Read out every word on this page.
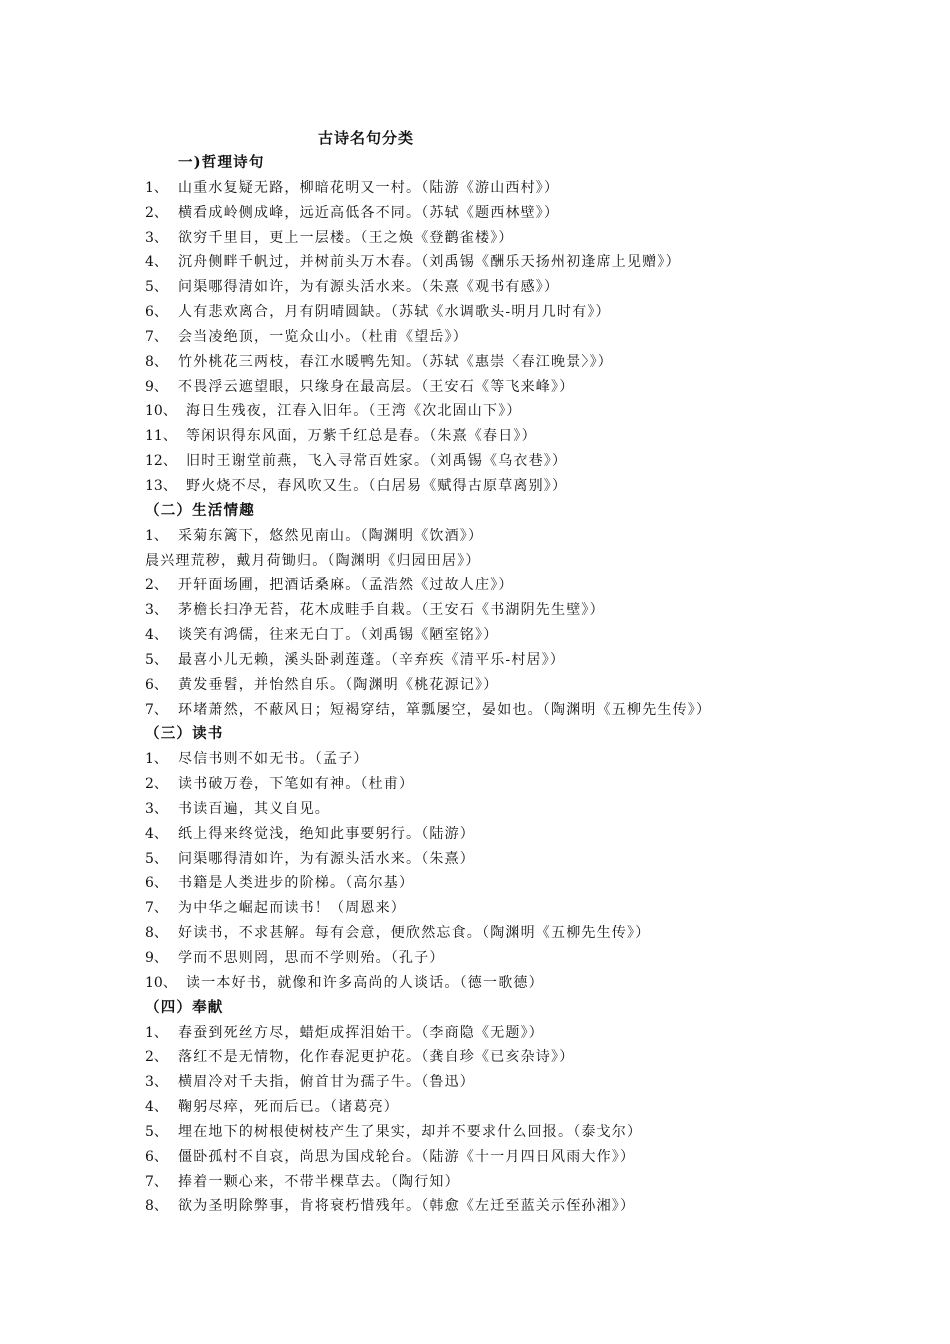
古诗名句分类
一)哲理诗句
1、 山重水复疑无路，柳暗花明又一村。（陆游《游山西村》）
2、 横看成岭侧成峰，远近高低各不同。（苏轼《题西林壁》）
3、 欲穷千里目，更上一层楼。（王之焕《登鹳雀楼》）
4、 沉舟侧畔千帆过，并树前头万木春。（刘禹锡《酬乐天扬州初逢席上见赠》）
5、 问渠哪得清如许，为有源头活水来。（朱熹《观书有感》）
6、 人有悲欢离合，月有阴晴圆缺。（苏轼《水调歌头-明月几时有》）
7、 会当凌绝顶，一览众山小。（杜甫《望岳》）
8、 竹外桃花三两枝，春江水暖鸭先知。（苏轼《惠崇〈春江晚景〉》）
9、 不畏浮云遮望眼，只缘身在最高层。（王安石《等飞来峰》）
10、 海日生残夜，江春入旧年。（王湾《次北固山下》）
11、 等闲识得东风面，万紫千红总是春。（朱熹《春日》）
12、 旧时王谢堂前燕，飞入寻常百姓家。（刘禹锡《乌衣巷》）
13、 野火烧不尽，春风吹又生。（白居易《赋得古原草离别》）
（二）生活情趣
1、 采菊东篱下，悠然见南山。（陶渊明《饮酒》）
晨兴理荒秽，戴月荷锄归。（陶渊明《归园田居》）
2、 开轩面场圃，把酒话桑麻。（孟浩然《过故人庄》）
3、 茅檐长扫净无苔，花木成畦手自栽。（王安石《书湖阴先生壁》）
4、 谈笑有鸿儒，往来无白丁。（刘禹锡《陋室铭》）
5、 最喜小儿无赖，溪头卧剥莲蓬。（辛弃疾《清平乐-村居》）
6、 黄发垂髫，并怡然自乐。（陶渊明《桃花源记》）
7、 环堵萧然，不蔽风日；短褐穿结，箪瓢屡空，晏如也。（陶渊明《五柳先生传》）
（三）读书
1、 尽信书则不如无书。（孟子）
2、 读书破万卷，下笔如有神。（杜甫）
3、 书读百遍，其义自见。
4、 纸上得来终觉浅，绝知此事要躬行。（陆游）
5、 问渠哪得清如许，为有源头活水来。（朱熹）
6、 书籍是人类进步的阶梯。（高尔基）
7、 为中华之崛起而读书！（周恩来）
8、 好读书，不求甚解。每有会意，便欣然忘食。（陶渊明《五柳先生传》）
9、 学而不思则罔，思而不学则殆。（孔子）
10、 读一本好书，就像和许多高尚的人谈话。（德一歌德）
（四）奉献
1、 春蚕到死丝方尽，蜡炬成挥泪始干。（李商隐《无题》）
2、 落红不是无情物，化作春泥更护花。（龚自珍《已亥杂诗》）
3、 横眉冷对千夫指，俯首甘为孺子牛。（鲁迅）
4、 鞠躬尽瘁，死而后已。（诸葛亮）
5、 埋在地下的树根使树枝产生了果实，却并不要求什么回报。（泰戈尔）
6、 僵卧孤村不自哀，尚思为国戍轮台。（陆游《十一月四日风雨大作》）
7、 捧着一颗心来，不带半棵草去。（陶行知）
8、 欲为圣明除弊事，肯将衰朽惜残年。（韩愈《左迁至蓝关示侄孙湘》）
